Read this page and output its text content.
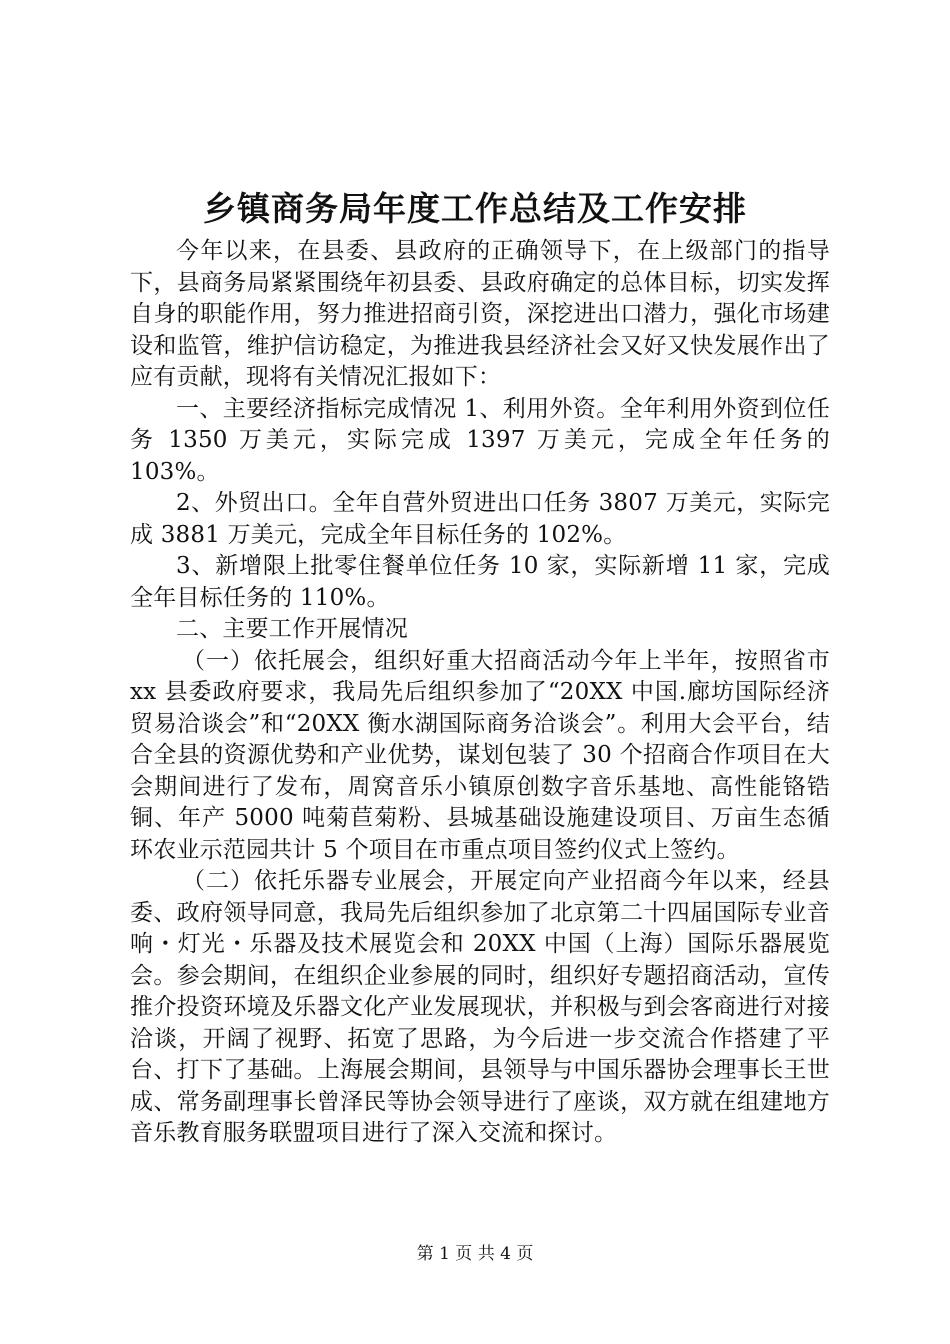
乡镇商务局年度工作总结及工作安排

今年以来，在县委、县政府的正确领导下，在上级部门的指导下，县商务局紧紧围绕年初县委、县政府确定的总体目标，切实发挥自身的职能作用，努力推进招商引资，深挖进出口潜力，强化市场建设和监管，维护信访稳定，为推进我县经济社会又好又快发展作出了应有贡献，现将有关情况汇报如下：

一、主要经济指标完成情况 1、利用外资。全年利用外资到位任务 1350 万美元，实际完成 1397 万美元，完成全年任务的 103%。

2、外贸出口。全年自营外贸进出口任务 3807 万美元，实际完成 3881 万美元，完成全年目标任务的 102%。

3、新增限上批零住餐单位任务 10 家，实际新增 11 家，完成全年目标任务的 110%。

二、主要工作开展情况

（一）依托展会，组织好重大招商活动今年上半年，按照省市 xx 县委政府要求，我局先后组织参加了“20XX 中国.廊坊国际经济贸易洽谈会”和“20XX 衡水湖国际商务洽谈会”。利用大会平台，结合全县的资源优势和产业优势，谋划包装了 30 个招商合作项目在大会期间进行了发布，周窝音乐小镇原创数字音乐基地、高性能铬锆铜、年产 5000 吨菊苣菊粉、县城基础设施建设项目、万亩生态循环农业示范园共计 5 个项目在市重点项目签约仪式上签约。

（二）依托乐器专业展会，开展定向产业招商今年以来，经县委、政府领导同意，我局先后组织参加了北京第二十四届国际专业音响・灯光・乐器及技术展览会和 20XX 中国（上海）国际乐器展览会。参会期间，在组织企业参展的同时，组织好专题招商活动，宣传推介投资环境及乐器文化产业发展现状，并积极与到会客商进行对接洽谈，开阔了视野、拓宽了思路，为今后进一步交流合作搭建了平台、打下了基础。上海展会期间，县领导与中国乐器协会理事长王世成、常务副理事长曾泽民等协会领导进行了座谈，双方就在组建地方音乐教育服务联盟项目进行了深入交流和探讨。

第 1 页 共 4 页
